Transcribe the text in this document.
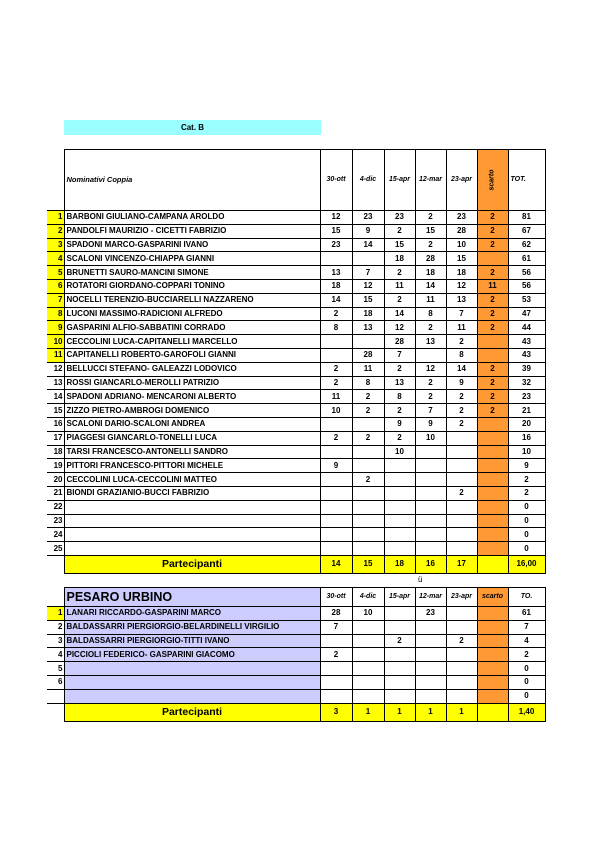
Cat. B
	Nominativi Coppia	30-ott	4-dic	15-apr	12-mar	23-apr	scarto	TOT.
1	BARBONI GIULIANO-CAMPANA AROLDO	12	23	23	2	23	2	81
2	PANDOLFI MAURIZIO - CICETTI FABRIZIO	15	9	2	15	28	2	67
3	SPADONI MARCO-GASPARINI IVANO	23	14	15	2	10	2	62
4	SCALONI VINCENZO-CHIAPPA GIANNI			18	28	15		61
5	BRUNETTI SAURO-MANCINI SIMONE	13	7	2	18	18	2	56
6	ROTATORI GIORDANO-COPPARI TONINO	18	12	11	14	12	11	56
7	NOCELLI TERENZIO-BUCCIARELLI NAZZARENO	14	15	2	11	13	2	53
8	LUCONI MASSIMO-RADICIONI ALFREDO	2	18	14	8	7	2	47
9	GASPARINI ALFIO-SABBATINI CORRADO	8	13	12	2	11	2	44
10	CECCOLINI LUCA-CAPITANELLI MARCELLO			28	13	2		43
11	CAPITANELLI ROBERTO-GAROFOLI GIANNI		28	7		8		43
12	BELLUCCI STEFANO- GALEAZZI LODOVICO	2	11	2	12	14	2	39
13	ROSSI GIANCARLO-MEROLLI PATRIZIO	2	8	13	2	9	2	32
14	SPADONI ADRIANO- MENCARONI ALBERTO	11	2	8	2	2	2	23
15	ZIZZO PIETRO-AMBROGI DOMENICO	10	2	2	7	2	2	21
16	SCALONI DARIO-SCALONI ANDREA			9	9	2		20
17	PIAGGESI GIANCARLO-TONELLI LUCA	2	2	2	10			16
18	TARSI FRANCESCO-ANTONELLI SANDRO			10				10
19	PITTORI FRANCESCO-PITTORI MICHELE	9						9
20	CECCOLINI LUCA-CECCOLINI MATTEO		2					2
21	BIONDI GRAZIANIO-BUCCI FABRIZIO					2		2
22								0
23								0
24								0
25								0
	Partecipanti	14	15	18	16	17		16,00
ü
	PESARO URBINO	30-ott	4-dic	15-apr	12-mar	23-apr	scarto	TO.
1	LANARI RICCARDO-GASPARINI MARCO	28	10		23			61
2	BALDASSARRI PIERGIORGIO-BELARDINELLI VIRGILIO	7						7
3	BALDASSARRI PIERGIORGIO-TITTI IVANO			2		2		4
4	PICCIOLI FEDERICO- GASPARINI GIACOMO	2						2
5								0
6								0
								0
	Partecipanti	3	1	1	1	1		1,40
